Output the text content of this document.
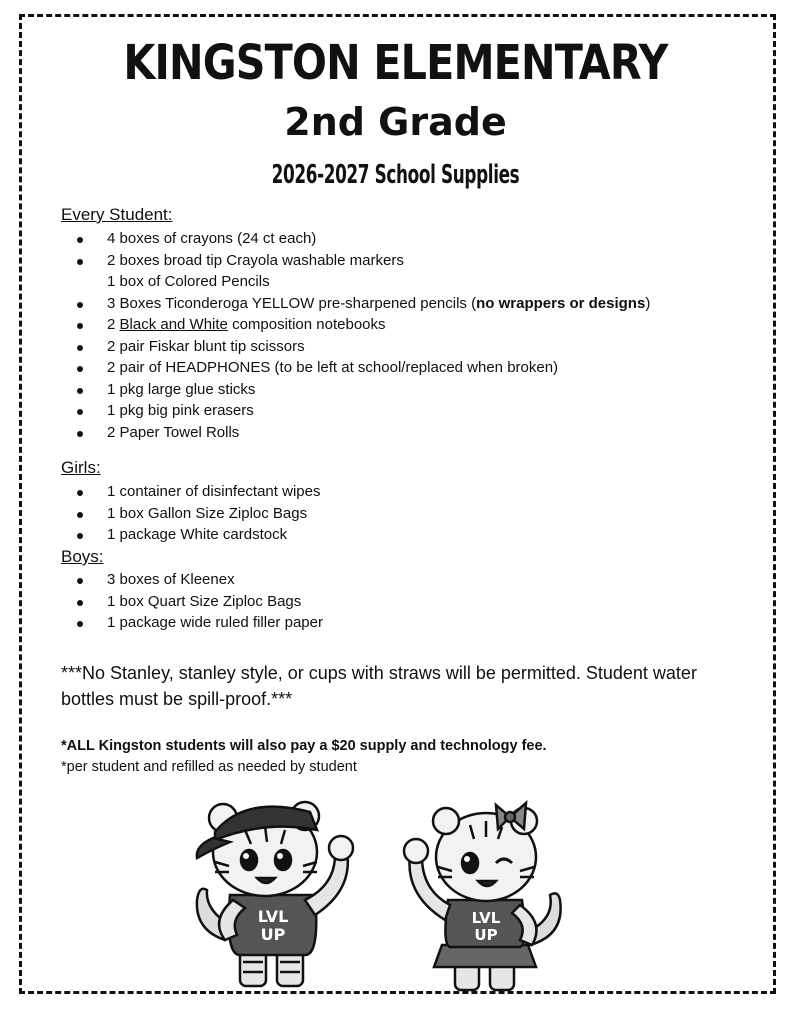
KINGSTON ELEMENTARY
2nd Grade
2026-2027 School Supplies
Every Student:
4 boxes of crayons (24 ct each)
2 boxes broad tip Crayola washable markers
1 box of Colored Pencils
3 Boxes Ticonderoga YELLOW pre-sharpened pencils (no wrappers or designs)
2 Black and White composition notebooks
2 pair Fiskar blunt tip scissors
2 pair of HEADPHONES (to be left at school/replaced when broken)
1 pkg large glue sticks
1 pkg big pink erasers
2 Paper Towel Rolls
Girls:
1 container of disinfectant wipes
1 box Gallon Size Ziploc Bags
1 package White cardstock
Boys:
3 boxes of Kleenex
1 box Quart Size Ziploc Bags
1 package wide ruled filler paper
***No Stanley, stanley style, or cups with straws will be permitted. Student water bottles must be spill-proof.***
*ALL Kingston students will also pay a $20 supply and technology fee.
*per student and refilled as needed by student
LVL
UP
LVL
UP
